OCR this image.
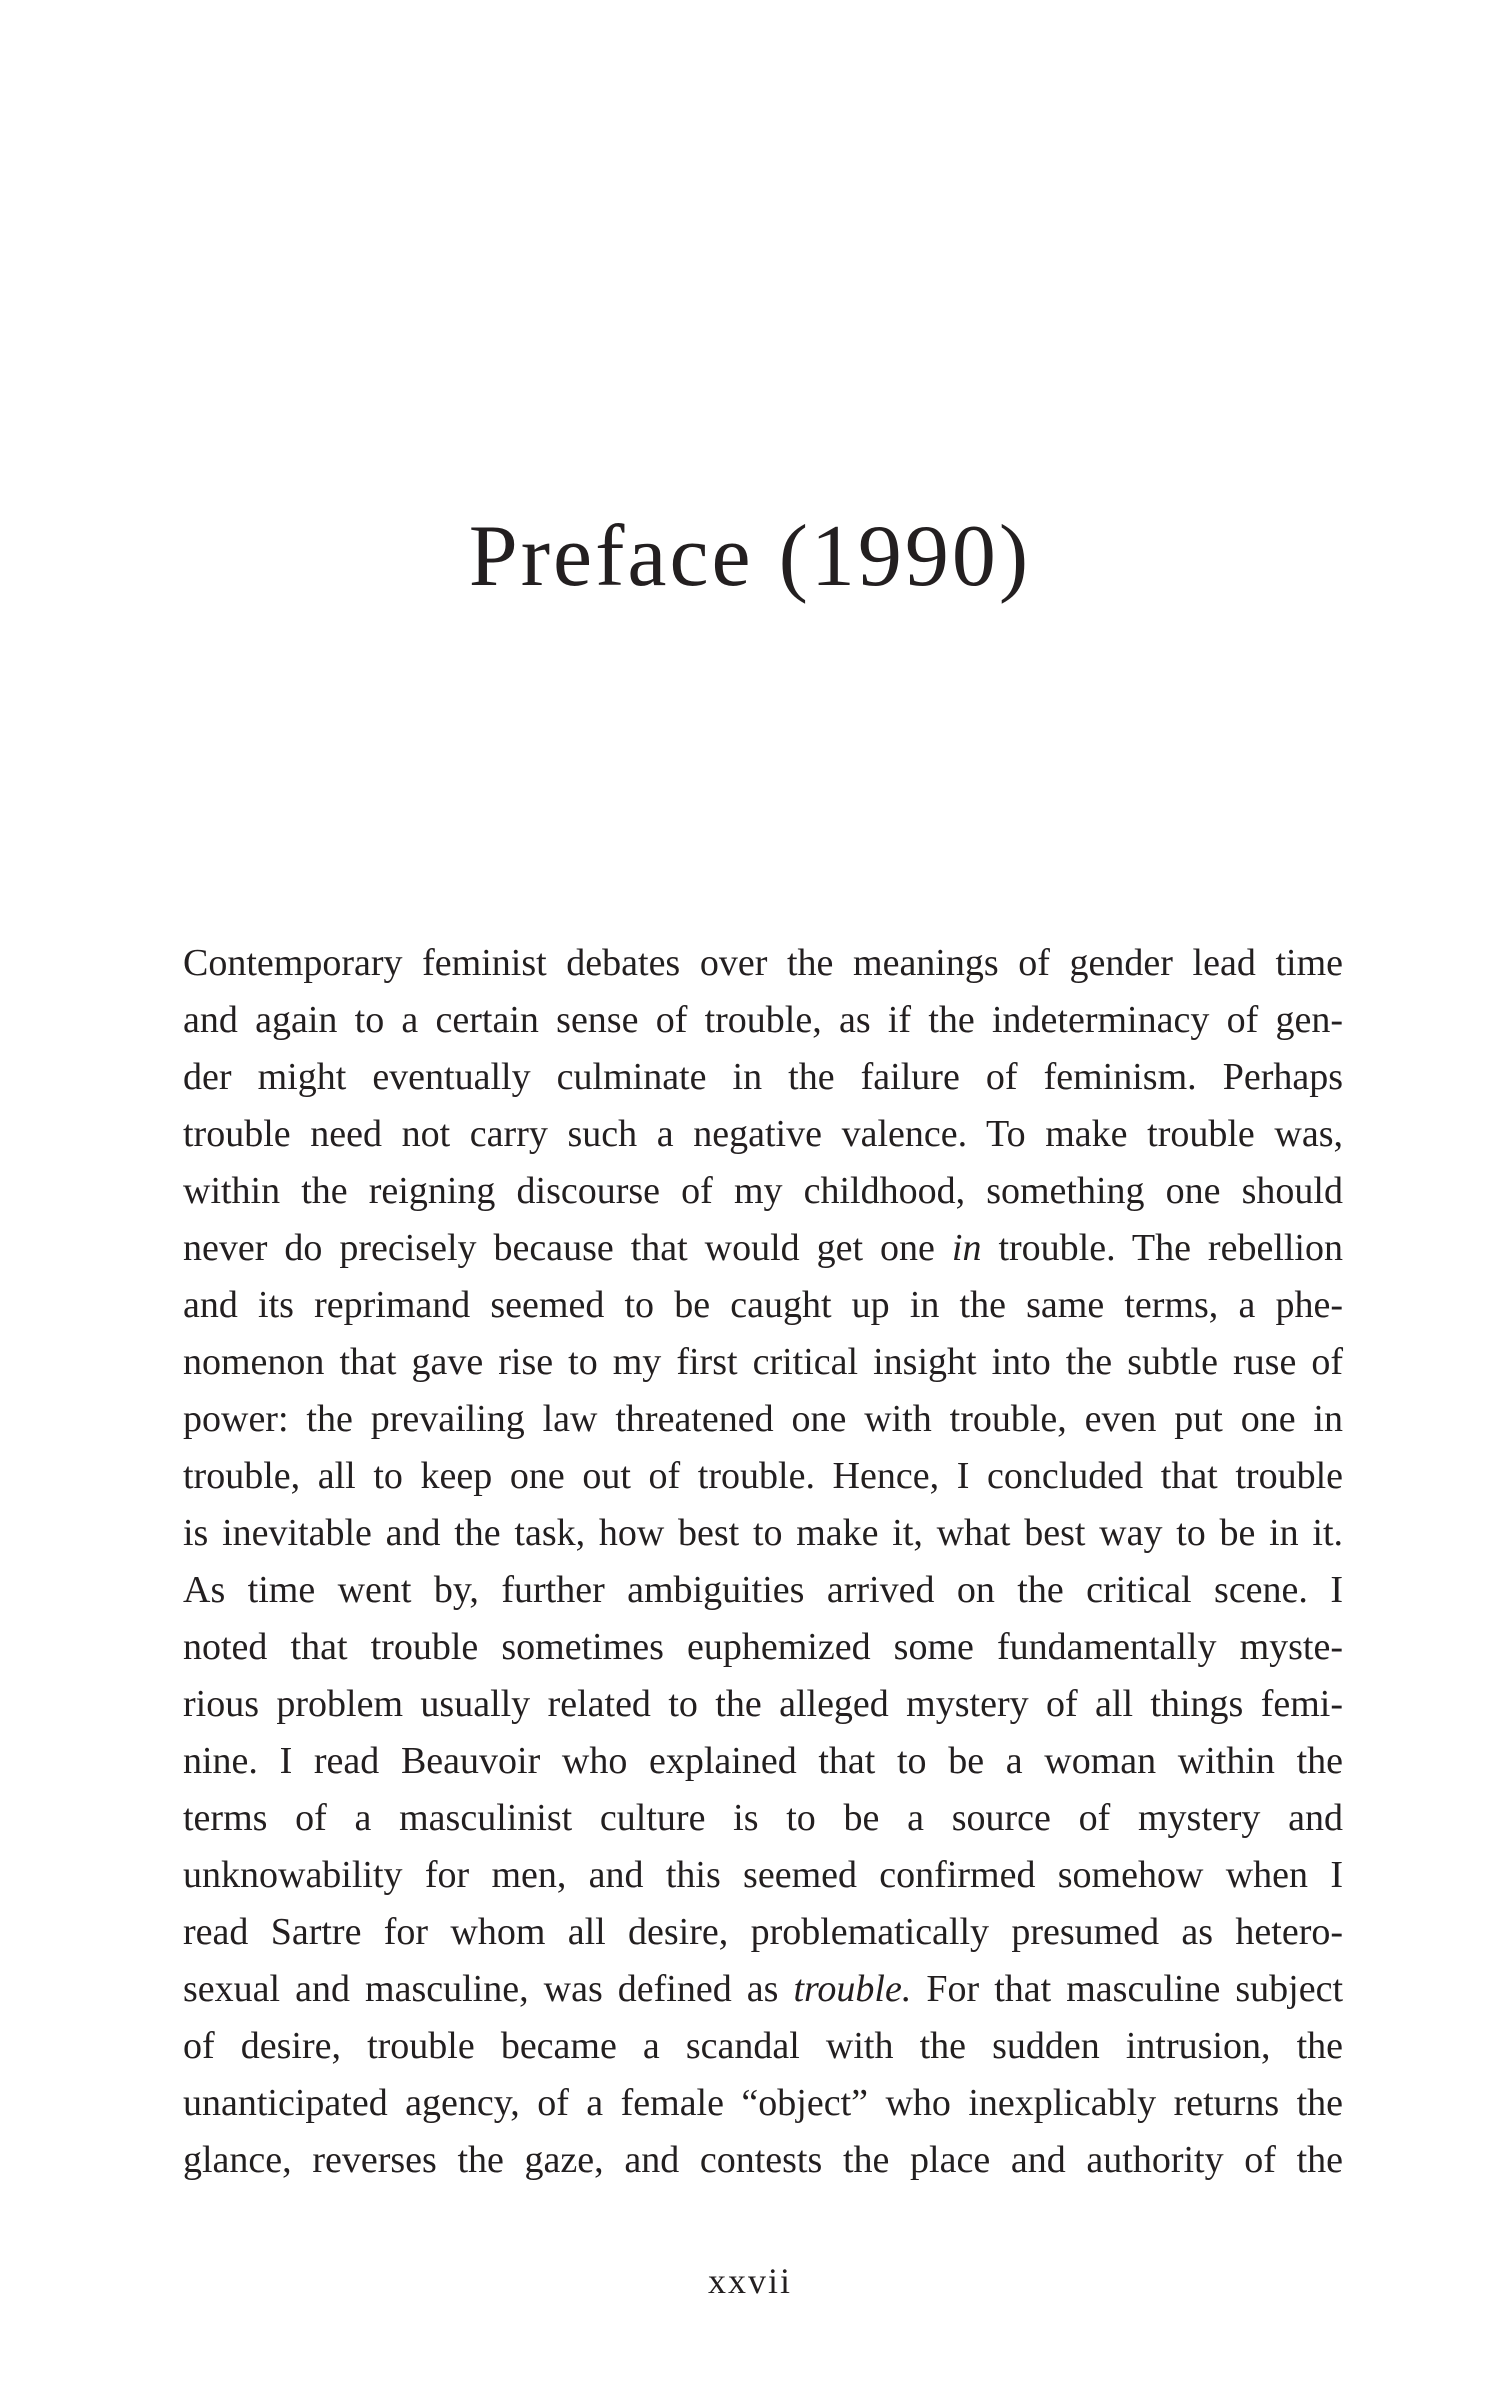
Preface (1990)
Contemporary feminist debates over the meanings of gender lead time
and again to a certain sense of trouble, as if the indeterminacy of gen-
der might eventually culminate in the failure of feminism. Perhaps
trouble need not carry such a negative valence. To make trouble was,
within the reigning discourse of my childhood, something one should
never do precisely because that would get one in trouble. The rebellion
and its reprimand seemed to be caught up in the same terms, a phe-
nomenon that gave rise to my first critical insight into the subtle ruse of
power: the prevailing law threatened one with trouble, even put one in
trouble, all to keep one out of trouble. Hence, I concluded that trouble
is inevitable and the task, how best to make it, what best way to be in it.
As time went by, further ambiguities arrived on the critical scene. I
noted that trouble sometimes euphemized some fundamentally myste-
rious problem usually related to the alleged mystery of all things femi-
nine. I read Beauvoir who explained that to be a woman within the
terms of a masculinist culture is to be a source of mystery and
unknowability for men, and this seemed confirmed somehow when I
read Sartre for whom all desire, problematically presumed as hetero-
sexual and masculine, was defined as trouble. For that masculine subject
of desire, trouble became a scandal with the sudden intrusion, the
unanticipated agency, of a female “object” who inexplicably returns the
glance, reverses the gaze, and contests the place and authority of the
xxvii
